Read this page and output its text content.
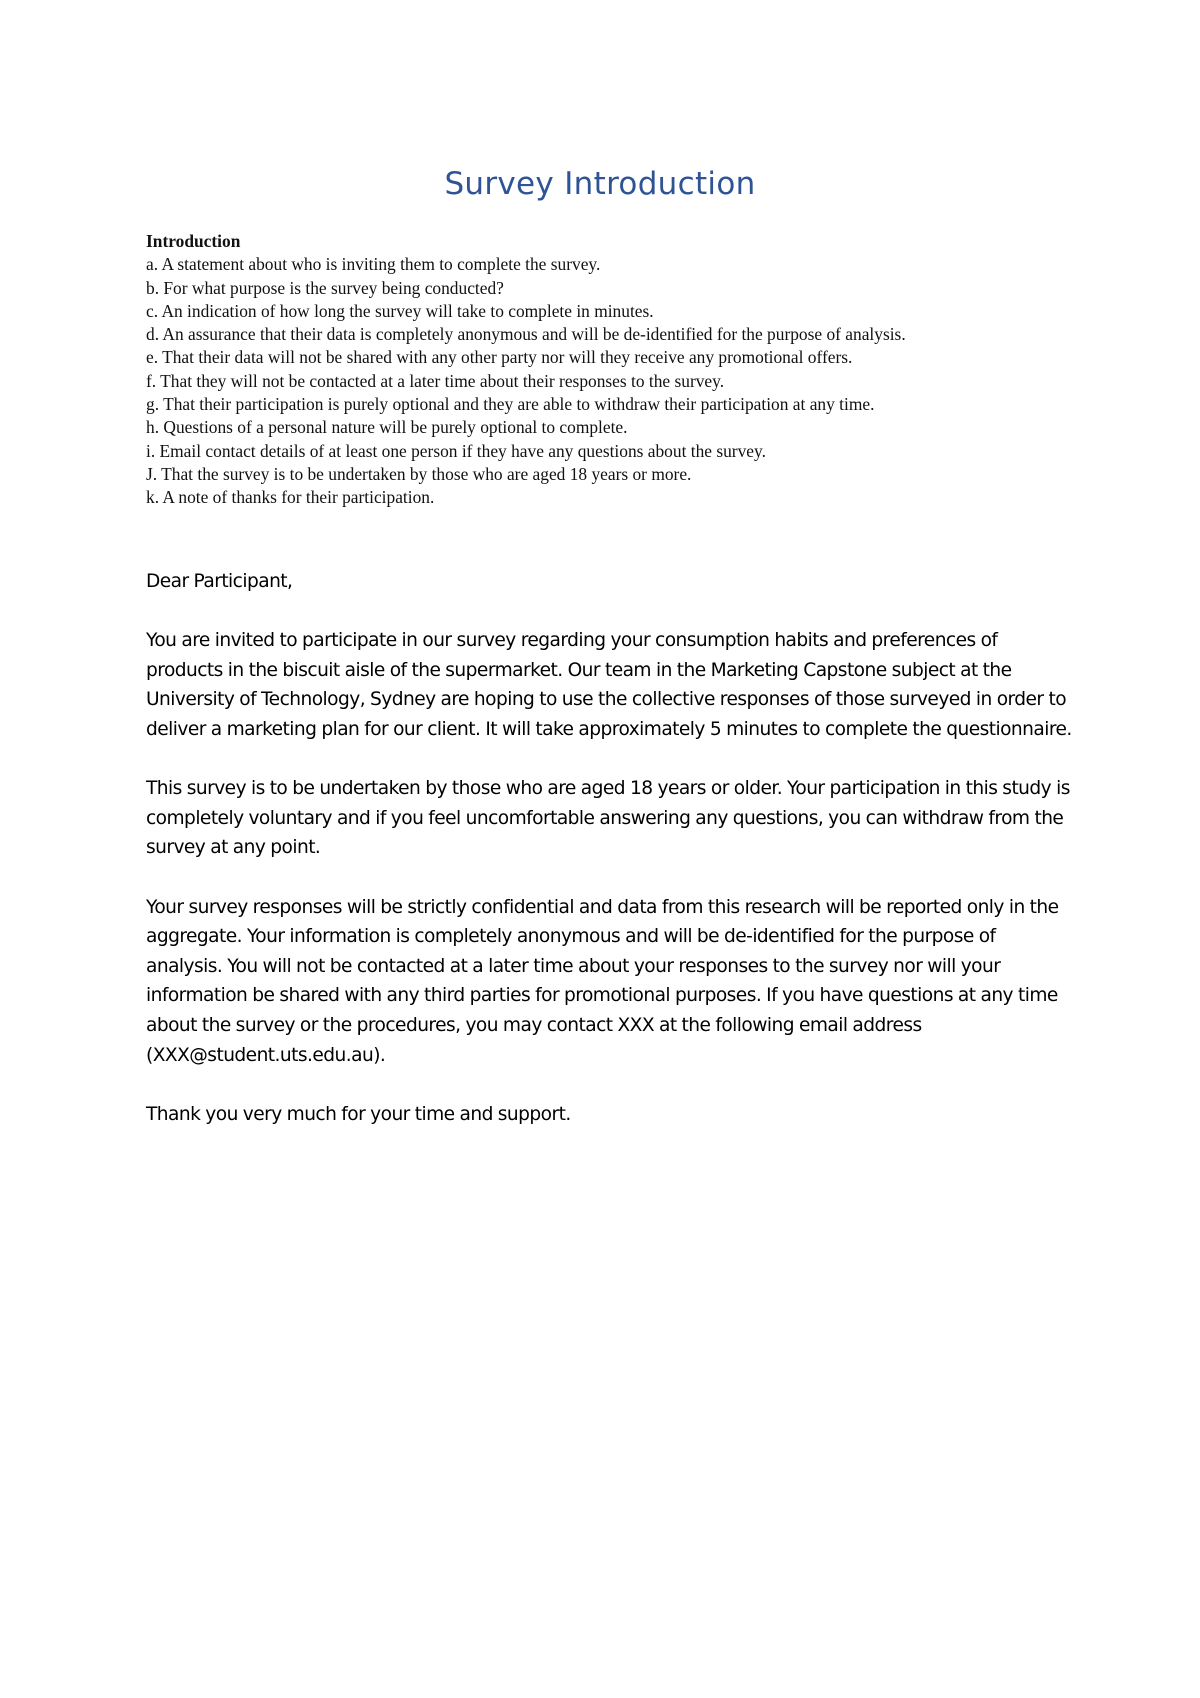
Survey Introduction
Introduction
a. A statement about who is inviting them to complete the survey.
b. For what purpose is the survey being conducted?
c. An indication of how long the survey will take to complete in minutes.
d. An assurance that their data is completely anonymous and will be de-identified for the purpose of analysis.
e. That their data will not be shared with any other party nor will they receive any promotional offers.
f. That they will not be contacted at a later time about their responses to the survey.
g. That their participation is purely optional and they are able to withdraw their participation at any time.
h. Questions of a personal nature will be purely optional to complete.
i. Email contact details of at least one person if they have any questions about the survey.
J. That the survey is to be undertaken by those who are aged 18 years or more.
k. A note of thanks for their participation.

Dear Participant,

You are invited to participate in our survey regarding your consumption habits and preferences of products in the biscuit aisle of the supermarket. Our team in the Marketing Capstone subject at the University of Technology, Sydney are hoping to use the collective responses of those surveyed in order to deliver a marketing plan for our client. It will take approximately 5 minutes to complete the questionnaire.

This survey is to be undertaken by those who are aged 18 years or older. Your participation in this study is completely voluntary and if you feel uncomfortable answering any questions, you can withdraw from the survey at any point.

Your survey responses will be strictly confidential and data from this research will be reported only in the aggregate. Your information is completely anonymous and will be de-identified for the purpose of analysis. You will not be contacted at a later time about your responses to the survey nor will your information be shared with any third parties for promotional purposes. If you have questions at any time about the survey or the procedures, you may contact XXX at the following email address (XXX@student.uts.edu.au).

Thank you very much for your time and support.
